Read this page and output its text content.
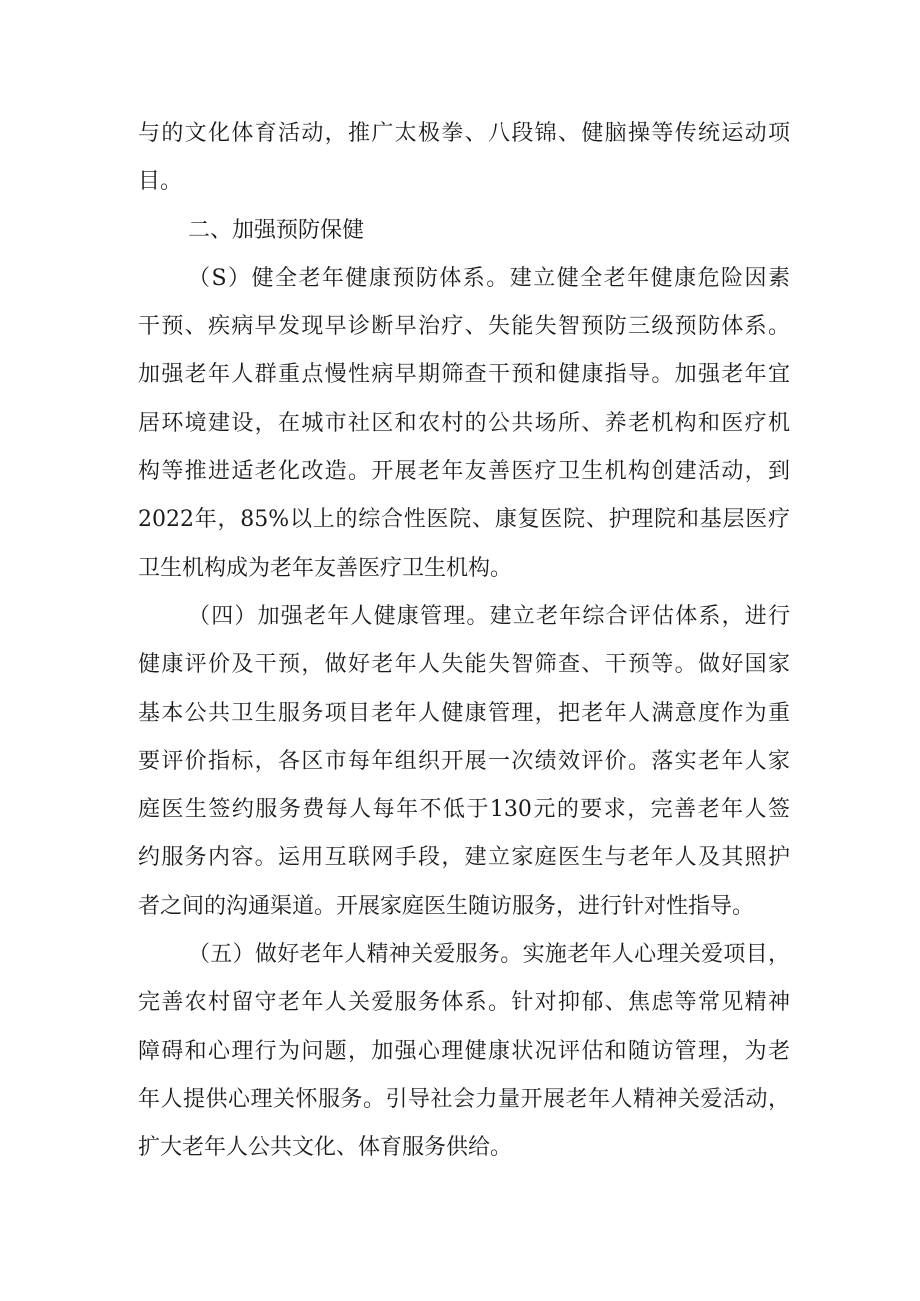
与的文化体育活动，推广太极拳、八段锦、健脑操等传统运动项
目。
二、加强预防保健
（S）健全老年健康预防体系。建立健全老年健康危险因素
干预、疾病早发现早诊断早治疗、失能失智预防三级预防体系。
加强老年人群重点慢性病早期筛查干预和健康指导。加强老年宜
居环境建设，在城市社区和农村的公共场所、养老机构和医疗机
构等推进适老化改造。开展老年友善医疗卫生机构创建活动，到
2022年，85%以上的综合性医院、康复医院、护理院和基层医疗
卫生机构成为老年友善医疗卫生机构。
（四）加强老年人健康管理。建立老年综合评估体系，进行
健康评价及干预，做好老年人失能失智筛查、干预等。做好国家
基本公共卫生服务项目老年人健康管理，把老年人满意度作为重
要评价指标，各区市每年组织开展一次绩效评价。落实老年人家
庭医生签约服务费每人每年不低于130元的要求，完善老年人签
约服务内容。运用互联网手段，建立家庭医生与老年人及其照护
者之间的沟通渠道。开展家庭医生随访服务，进行针对性指导。
（五）做好老年人精神关爱服务。实施老年人心理关爱项目，
完善农村留守老年人关爱服务体系。针对抑郁、焦虑等常见精神
障碍和心理行为问题，加强心理健康状况评估和随访管理，为老
年人提供心理关怀服务。引导社会力量开展老年人精神关爱活动，
扩大老年人公共文化、体育服务供给。
